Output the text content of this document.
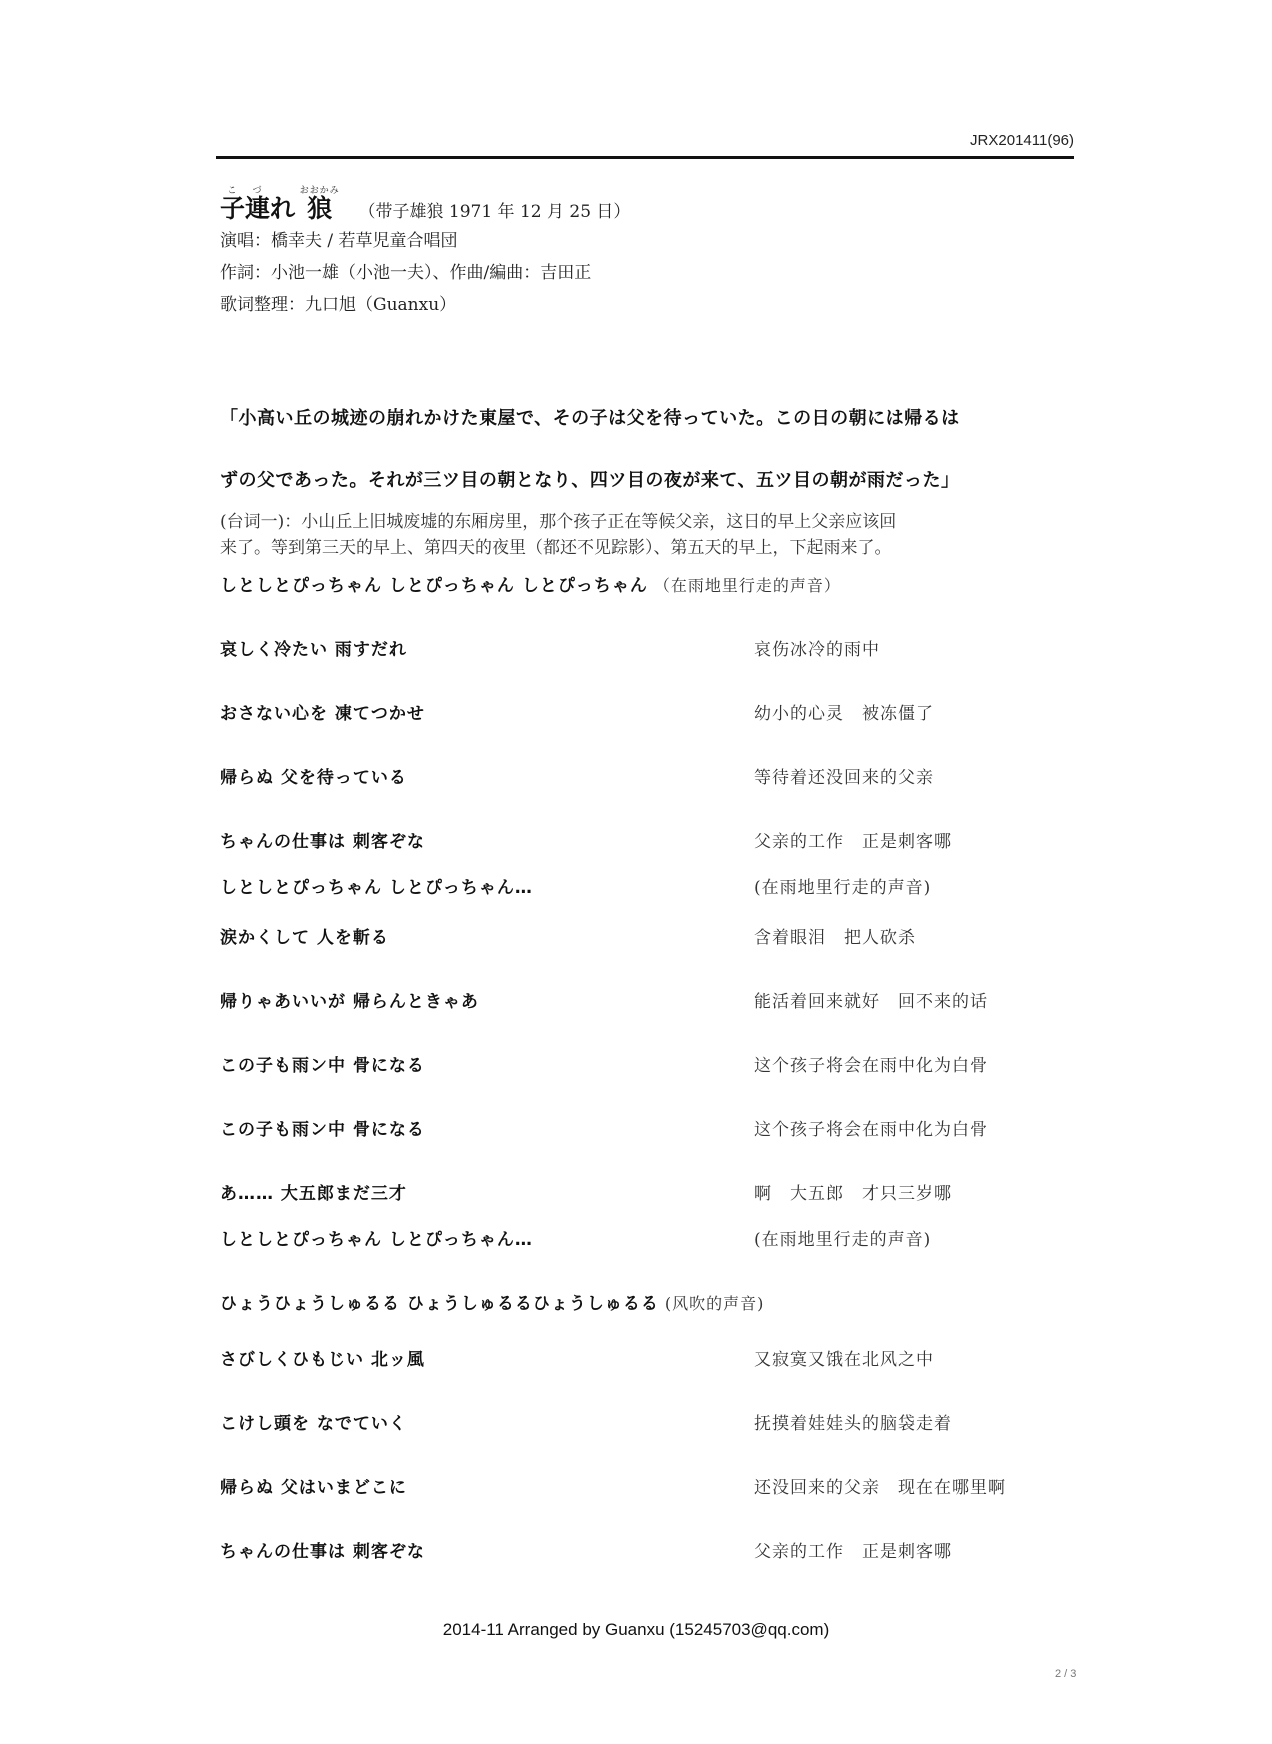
JRX201411(96)
子こ連づれ 狼おおかみ （带子雄狼 1971 年 12 月 25 日）
演唱：橋幸夫 / 若草児童合唱団
作詞：小池一雄（小池一夫）、作曲/編曲：吉田正
歌词整理：九口旭（Guanxu）
「小高い丘の城迹の崩れかけた東屋で、その子は父を待っていた。この日の朝には帰るは
ずの父であった。それが三ツ目の朝となり、四ツ目の夜が来て、五ツ目の朝が雨だった」
(台词一)：小山丘上旧城废墟的东厢房里，那个孩子正在等候父亲，这日的早上父亲应该回
来了。等到第三天的早上、第四天的夜里（都还不见踪影）、第五天的早上，下起雨来了。
しとしとぴっちゃん しとぴっちゃん しとぴっちゃん （在雨地里行走的声音）
哀しく冷たい 雨すだれ	哀伤冰冷的雨中
おさない心を 凍てつかせ	幼小的心灵　被冻僵了
帰らぬ 父を待っている	等待着还没回来的父亲
ちゃんの仕事は 刺客ぞな	父亲的工作　正是刺客哪
しとしとぴっちゃん しとぴっちゃん…	(在雨地里行走的声音)
涙かくして 人を斬る	含着眼泪　把人砍杀
帰りゃあいいが 帰らんときゃあ	能活着回来就好　回不来的话
この子も雨ン中 骨になる	这个孩子将会在雨中化为白骨
この子も雨ン中 骨になる	这个孩子将会在雨中化为白骨
あ…… 大五郎まだ三才	啊　大五郎　才只三岁哪
しとしとぴっちゃん しとぴっちゃん…	(在雨地里行走的声音)
ひょうひょうしゅるる ひょうしゅるるひょうしゅるる (风吹的声音)
さびしくひもじい 北ッ風	又寂寞又饿在北风之中
こけし頭を なでていく	抚摸着娃娃头的脑袋走着
帰らぬ 父はいまどこに	还没回来的父亲　现在在哪里啊
ちゃんの仕事は 刺客ぞな	父亲的工作　正是刺客哪
2014-11 Arranged by Guanxu (15245703@qq.com)
2 / 3
